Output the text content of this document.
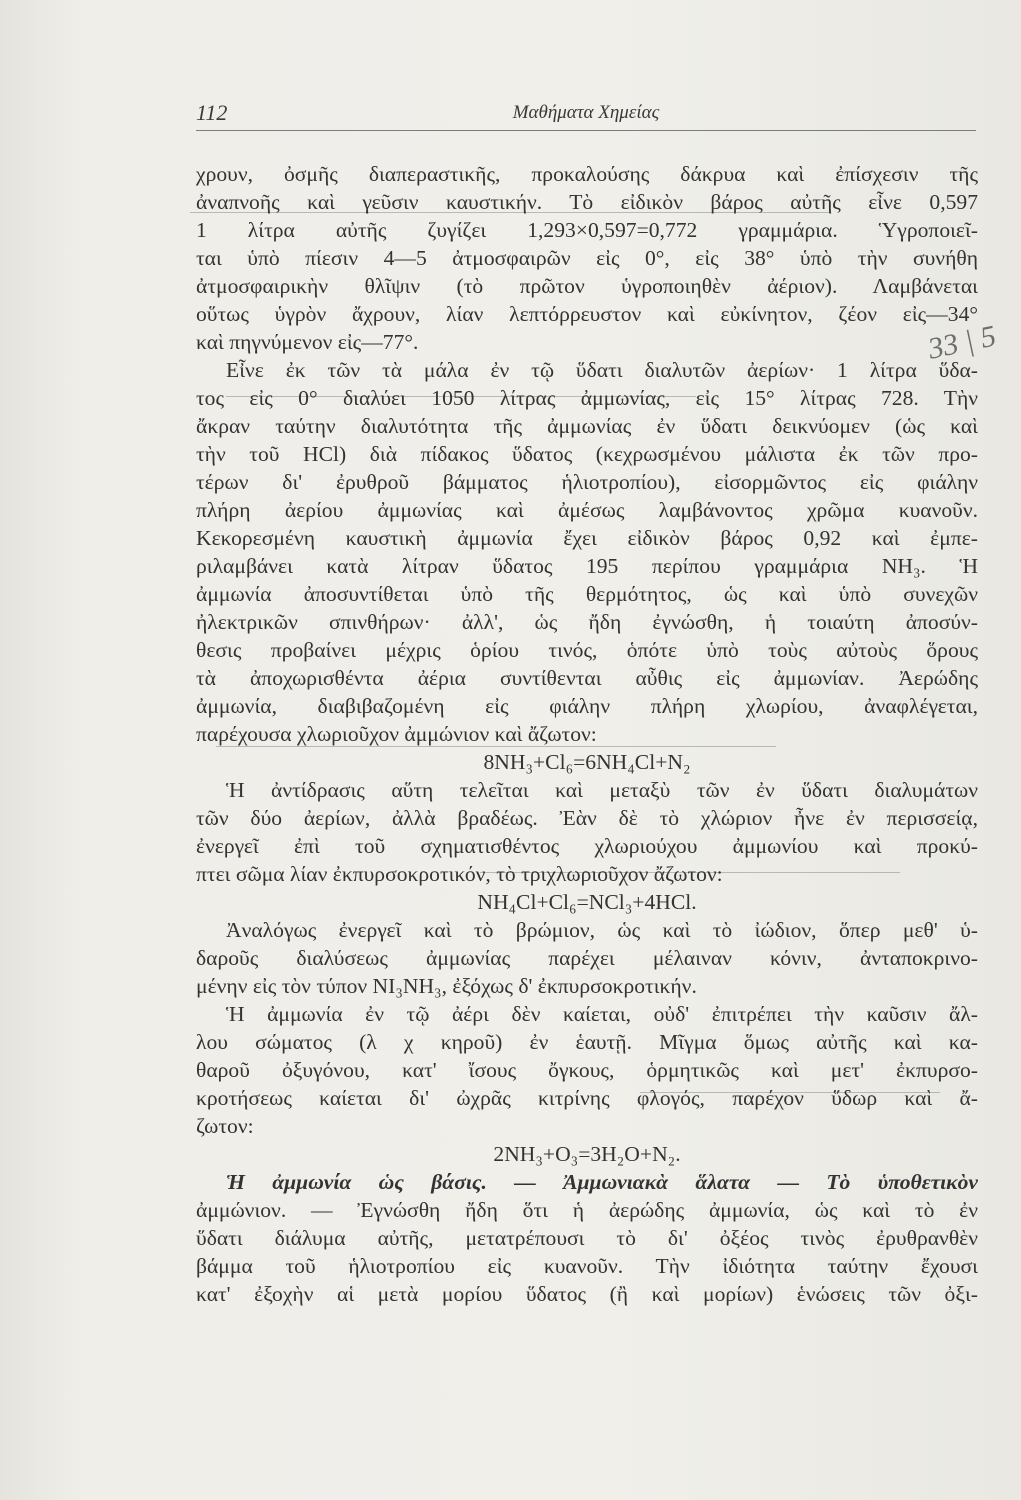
112	Μαθήματα Χημείας
33 | 5
χρουν, ὀσμῆς διαπεραστικῆς, προκαλούσης δάκρυα καὶ ἐπίσχεσιν τῆς
ἀναπνοῆς καὶ γεῦσιν καυστικήν. Τὸ εἰδικὸν βάρος αὐτῆς εἶνε 0,597
1 λίτρα αὐτῆς ζυγίζει 1,293×0,597=0,772 γραμμάρια. Ὑγροποιεῖ-
ται ὑπὸ πίεσιν 4—5 ἀτμοσφαιρῶν εἰς 0°, εἰς 38° ὑπὸ τὴν συνήθη
ἀτμοσφαιρικὴν θλῖψιν (τὸ πρῶτον ὑγροποιηθὲν ἀέριον). Λαμβάνεται
οὕτως ὑγρὸν ἄχρουν, λίαν λεπτόρρευστον καὶ εὐκίνητον, ζέον εἰς—34°
καὶ πηγνύμενον εἰς—77°.
Εἶνε ἐκ τῶν τὰ μάλα ἐν τῷ ὕδατι διαλυτῶν ἀερίων· 1 λίτρα ὕδα-
τος εἰς 0° διαλύει 1050 λίτρας ἀμμωνίας, εἰς 15° λίτρας 728. Τὴν
ἄκραν ταύτην διαλυτότητα τῆς ἀμμωνίας ἐν ὕδατι δεικνύομεν (ὡς καὶ
τὴν τοῦ HCl) διὰ πίδακος ὕδατος (κεχρωσμένου μάλιστα ἐκ τῶν προ-
τέρων δι' ἐρυθροῦ βάμματος ἡλιοτροπίου), εἰσορμῶντος εἰς φιάλην
πλήρη ἀερίου ἀμμωνίας καὶ ἀμέσως λαμβάνοντος χρῶμα κυανοῦν.
Κεκορεσμένη καυστικὴ ἀμμωνία ἔχει εἰδικὸν βάρος 0,92 καὶ ἐμπε-
ριλαμβάνει κατὰ λίτραν ὕδατος 195 περίπου γραμμάρια NH₃. Ἡ
ἀμμωνία ἀποσυντίθεται ὑπὸ τῆς θερμότητος, ὡς καὶ ὑπὸ συνεχῶν
ἠλεκτρικῶν σπινθήρων· ἀλλ', ὡς ἤδη ἐγνώσθη, ἡ τοιαύτη ἀποσύν-
θεσις προβαίνει μέχρις ὁρίου τινός, ὁπότε ὑπὸ τοὺς αὐτοὺς ὅρους
τὰ ἀποχωρισθέντα ἀέρια συντίθενται αὖθις εἰς ἀμμωνίαν. Ἀερώδης
ἀμμωνία, διαβιβαζομένη εἰς φιάλην πλήρη χλωρίου, ἀναφλέγεται,
παρέχουσα χλωριοῦχον ἀμμώνιον καὶ ἄζωτον:
8NH₃+Cl₆=6NH₄Cl+N₂
Ἡ ἀντίδρασις αὕτη τελεῖται καὶ μεταξὺ τῶν ἐν ὕδατι διαλυμάτων
τῶν δύο ἀερίων, ἀλλὰ βραδέως. Ἐὰν δὲ τὸ χλώριον ἦνε ἐν περισσείᾳ,
ἐνεργεῖ ἐπὶ τοῦ σχηματισθέντος χλωριούχου ἀμμωνίου καὶ προκύ-
πτει σῶμα λίαν ἐκπυρσοκροτικόν, τὸ τριχλωριοῦχον ἄζωτον:
NH₄Cl+Cl₆=NCl₃+4HCl.
Ἀναλόγως ἐνεργεῖ καὶ τὸ βρώμιον, ὡς καὶ τὸ ἰώδιον, ὅπερ μεθ' ὑ-
δαροῦς διαλύσεως ἀμμωνίας παρέχει μέλαιναν κόνιν, ἀνταποκρινο-
μένην εἰς τὸν τύπον NI₃NH₃, ἐξόχως δ' ἐκπυρσοκροτικήν.
Ἡ ἀμμωνία ἐν τῷ ἀέρι δὲν καίεται, οὐδ' ἐπιτρέπει τὴν καῦσιν ἄλ-
λου σώματος (λ χ κηροῦ) ἐν ἑαυτῇ. Μῖγμα ὅμως αὐτῆς καὶ κα-
θαροῦ ὀξυγόνου, κατ' ἴσους ὄγκους, ὁρμητικῶς καὶ μετ' ἐκπυρσο-
κροτήσεως καίεται δι' ὠχρᾶς κιτρίνης φλογός, παρέχον ὕδωρ καὶ ἄ-
ζωτον:
2NH₃+O₃=3H₂O+N₂.
Ἡ ἀμμωνία ὡς βάσις. — Ἀμμωνιακὰ ἅλατα — Τὸ ὑποθετικὸν
ἀμμώνιον. — Ἐγνώσθη ἤδη ὅτι ἡ ἀερώδης ἀμμωνία, ὡς καὶ τὸ ἐν
ὕδατι διάλυμα αὐτῆς, μετατρέπουσι τὸ δι' ὀξέος τινὸς ἐρυθρανθὲν
βάμμα τοῦ ἡλιοτροπίου εἰς κυανοῦν. Τὴν ἰδιότητα ταύτην ἔχουσι
κατ' ἐξοχὴν αἱ μετὰ μορίου ὕδατος (ἢ καὶ μορίων) ἑνώσεις τῶν ὀξι-
